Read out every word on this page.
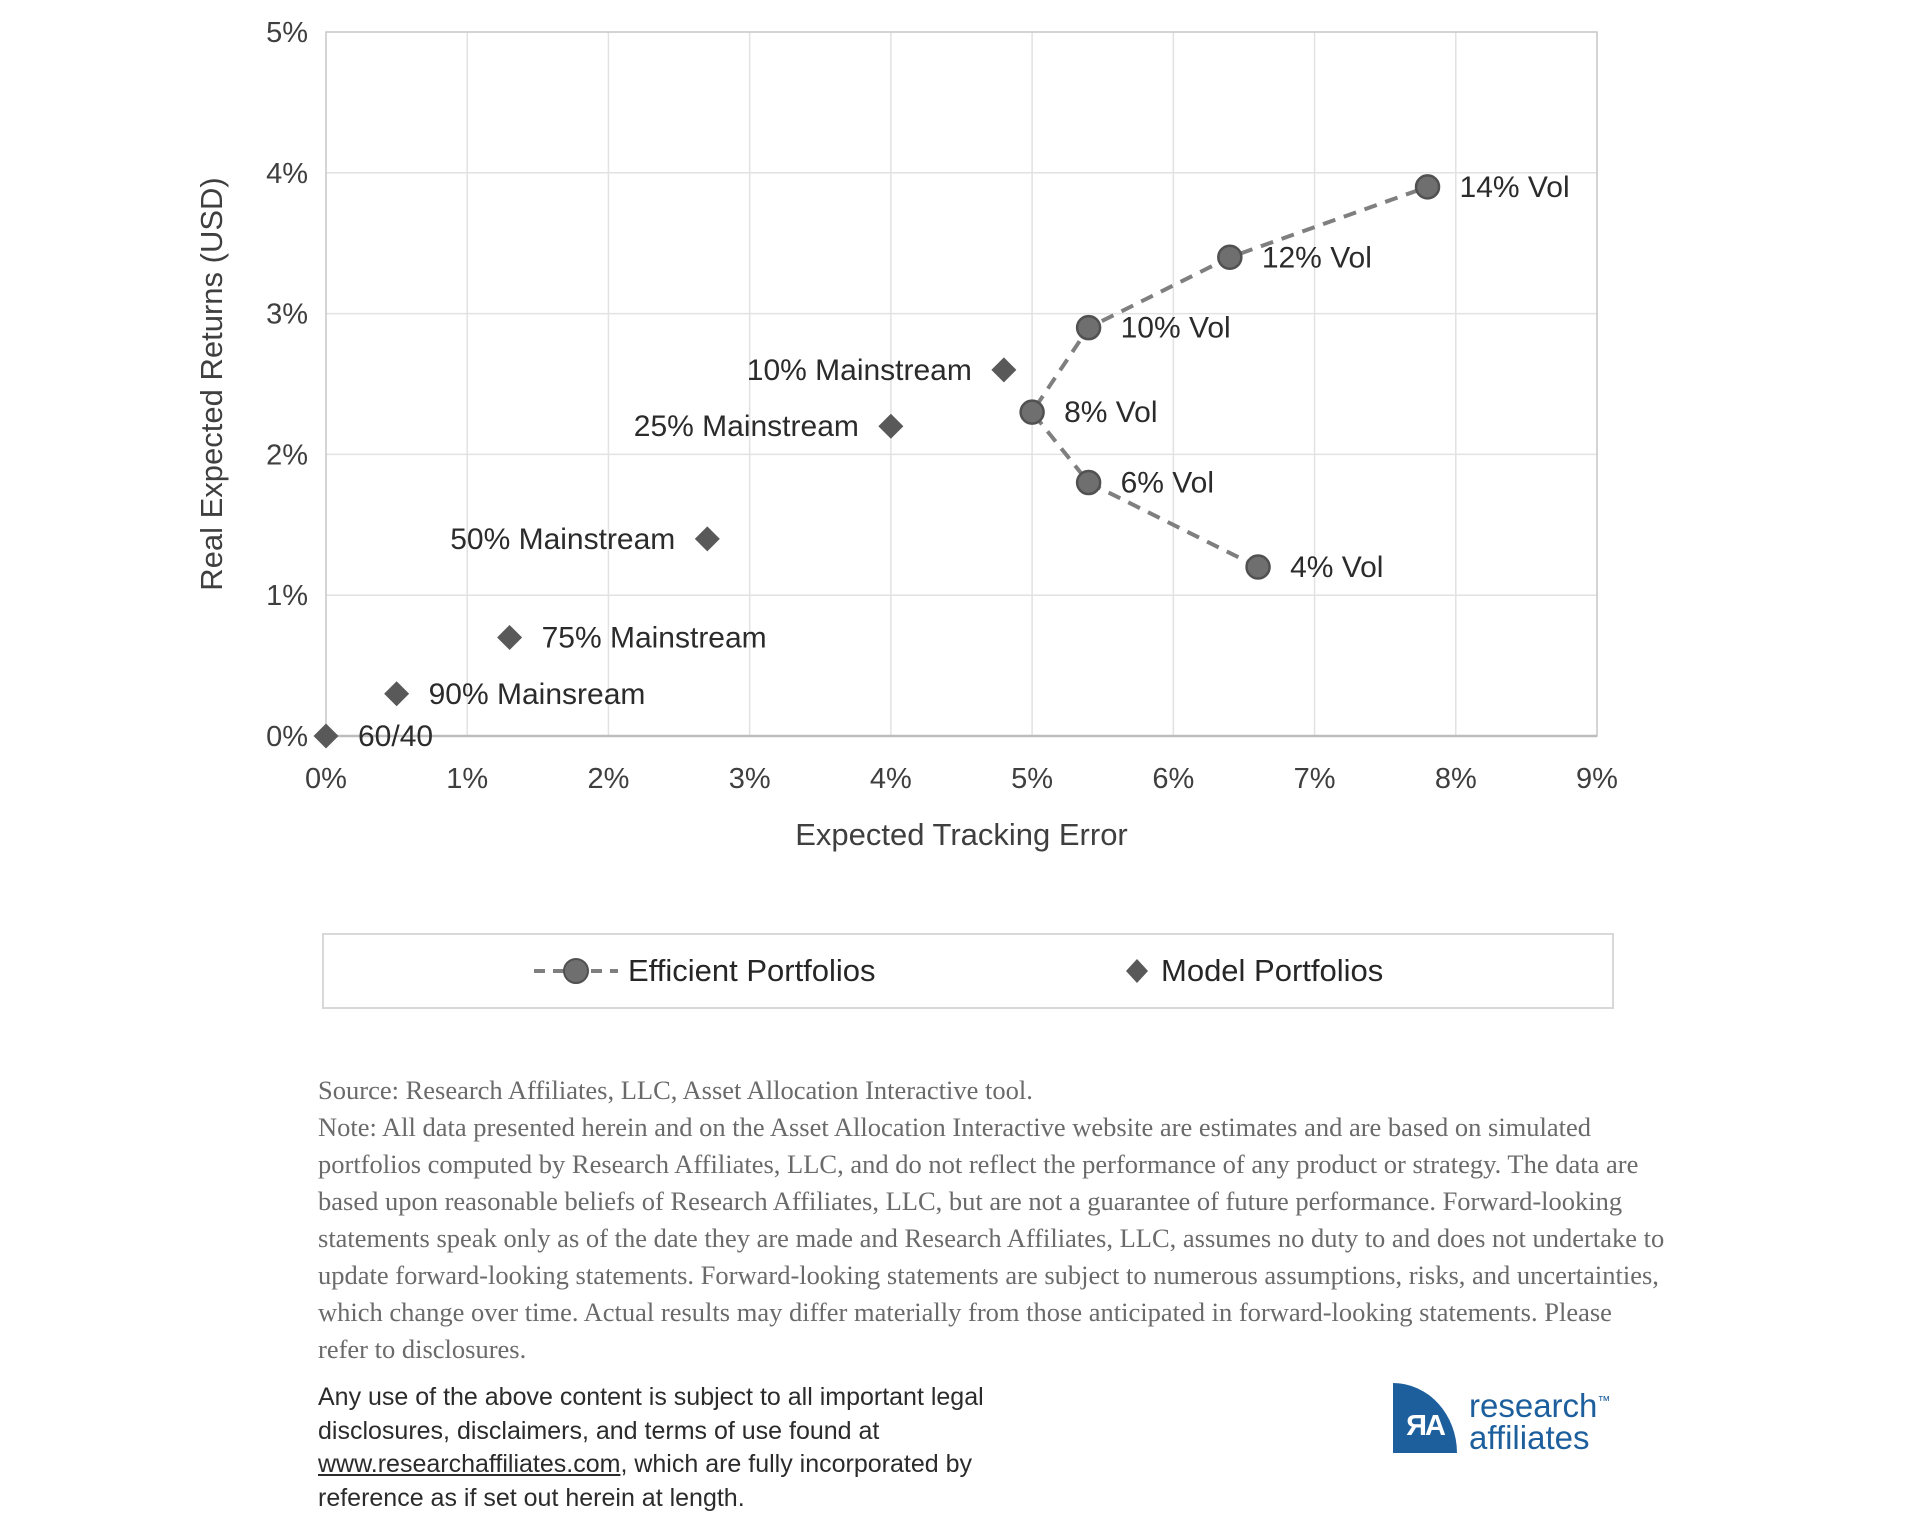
0%	1%	2%	3%	4%	5%	6%	7%	8%	9%
0%
1%
2%
3%
4%
5%
Expected Tracking Error
Real Expected Returns (USD)	4% Vol
6% Vol
8% Vol
10% Vol
12% Vol
14% Vol
60/40
90% Mainsream
75% Mainstream
50% Mainstream
25% Mainstream
10% Mainstream
Efficient Portfolios	Model Portfolios

Source: Research Affiliates, LLC, Asset Allocation Interactive tool.

Note: All data presented herein and on the Asset Allocation Interactive website are estimates and are based on simulated portfolios computed by Research Affiliates, LLC, and do not reflect the performance of any product or strategy. The data are based upon reasonable beliefs of Research Affiliates, LLC, but are not a guarantee of future performance. Forward-looking statements speak only as of the date they are made and Research Affiliates, LLC, assumes no duty to and does not undertake to update forward-looking statements. Forward-looking statements are subject to numerous assumptions, risks, and uncertainties, which change over time. Actual results may differ materially from those anticipated in forward-looking statements. Please refer to disclosures.

Any use of the above content is subject to all important legal disclosures, disclaimers, and terms of use found at www.researchaffiliates.com, which are fully incorporated by reference as if set out herein at length.
ЯA
research™
affiliates
